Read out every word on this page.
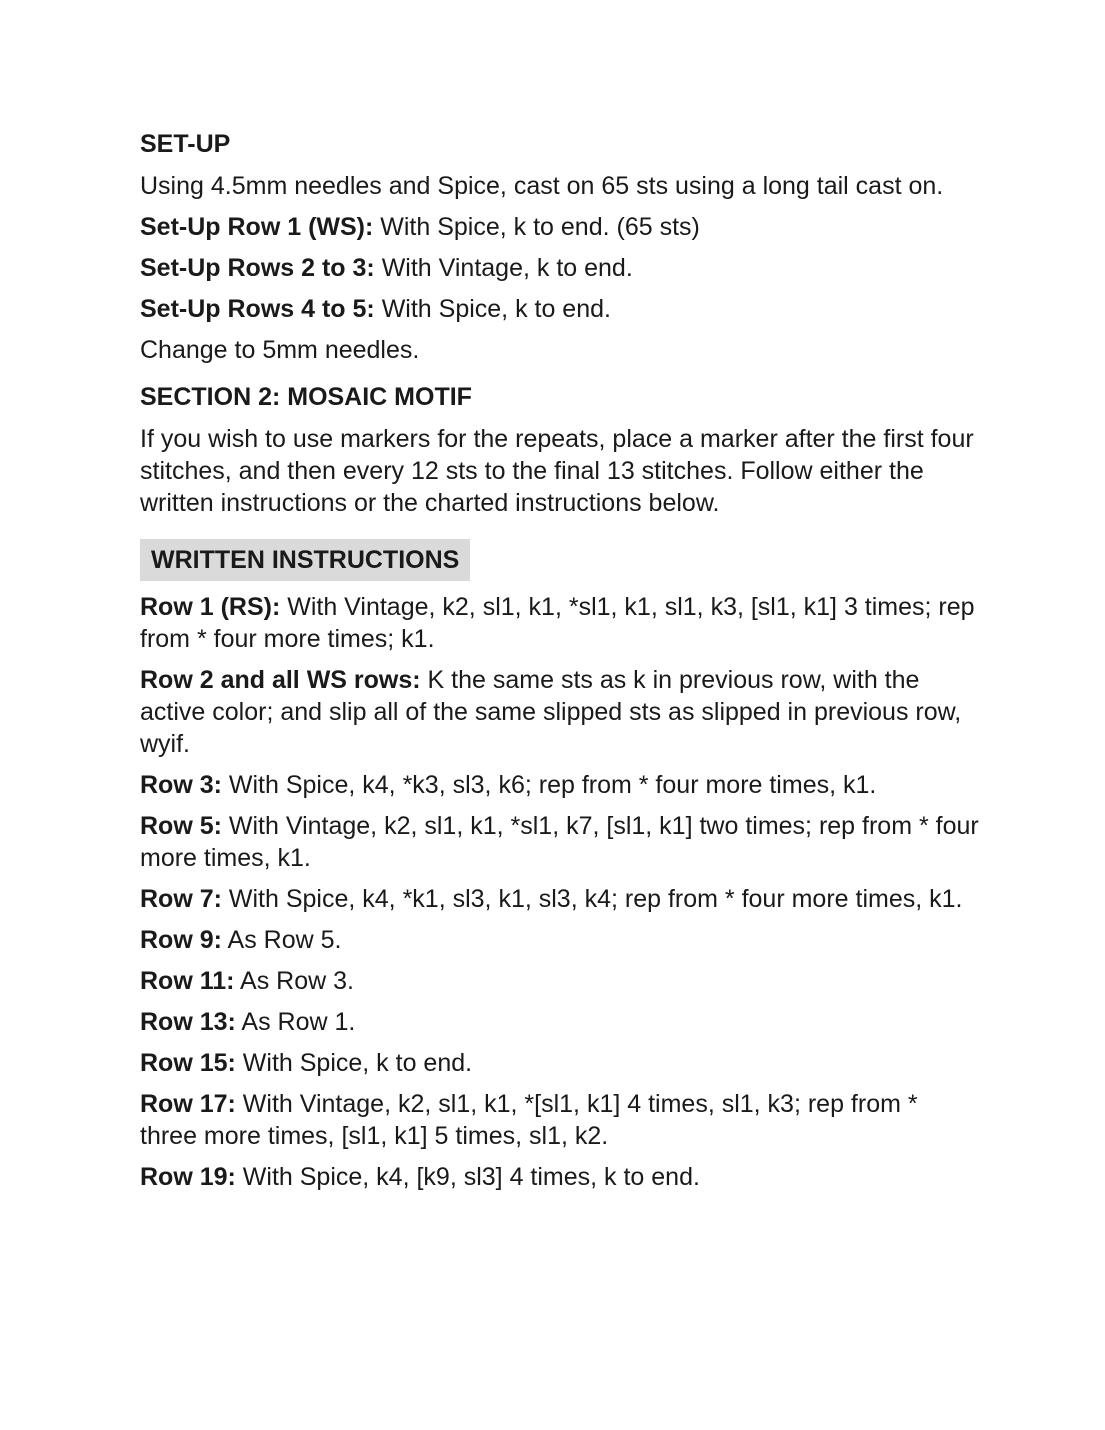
SET-UP
Using 4.5mm needles and Spice, cast on 65 sts using a long tail cast on.
Set-Up Row 1 (WS): With Spice, k to end. (65 sts)
Set-Up Rows 2 to 3: With Vintage, k to end.
Set-Up Rows 4 to 5: With Spice, k to end.
Change to 5mm needles.
SECTION 2: MOSAIC MOTIF
If you wish to use markers for the repeats, place a marker after the first four stitches, and then every 12 sts to the final 13 stitches. Follow either the written instructions or the charted instructions below.
WRITTEN INSTRUCTIONS
Row 1 (RS): With Vintage, k2, sl1, k1, *sl1, k1, sl1, k3, [sl1, k1] 3 times; rep from * four more times; k1.
Row 2 and all WS rows: K the same sts as k in previous row, with the active color; and slip all of the same slipped sts as slipped in previous row, wyif.
Row 3: With Spice, k4, *k3, sl3, k6; rep from * four more times, k1.
Row 5: With Vintage, k2, sl1, k1, *sl1, k7, [sl1, k1] two times; rep from * four more times, k1.
Row 7: With Spice, k4, *k1, sl3, k1, sl3, k4; rep from * four more times, k1.
Row 9: As Row 5.
Row 11: As Row 3.
Row 13: As Row 1.
Row 15: With Spice, k to end.
Row 17: With Vintage, k2, sl1, k1, *[sl1, k1] 4 times, sl1, k3; rep from * three more times, [sl1, k1] 5 times, sl1, k2.
Row 19: With Spice, k4, [k9, sl3] 4 times, k to end.
